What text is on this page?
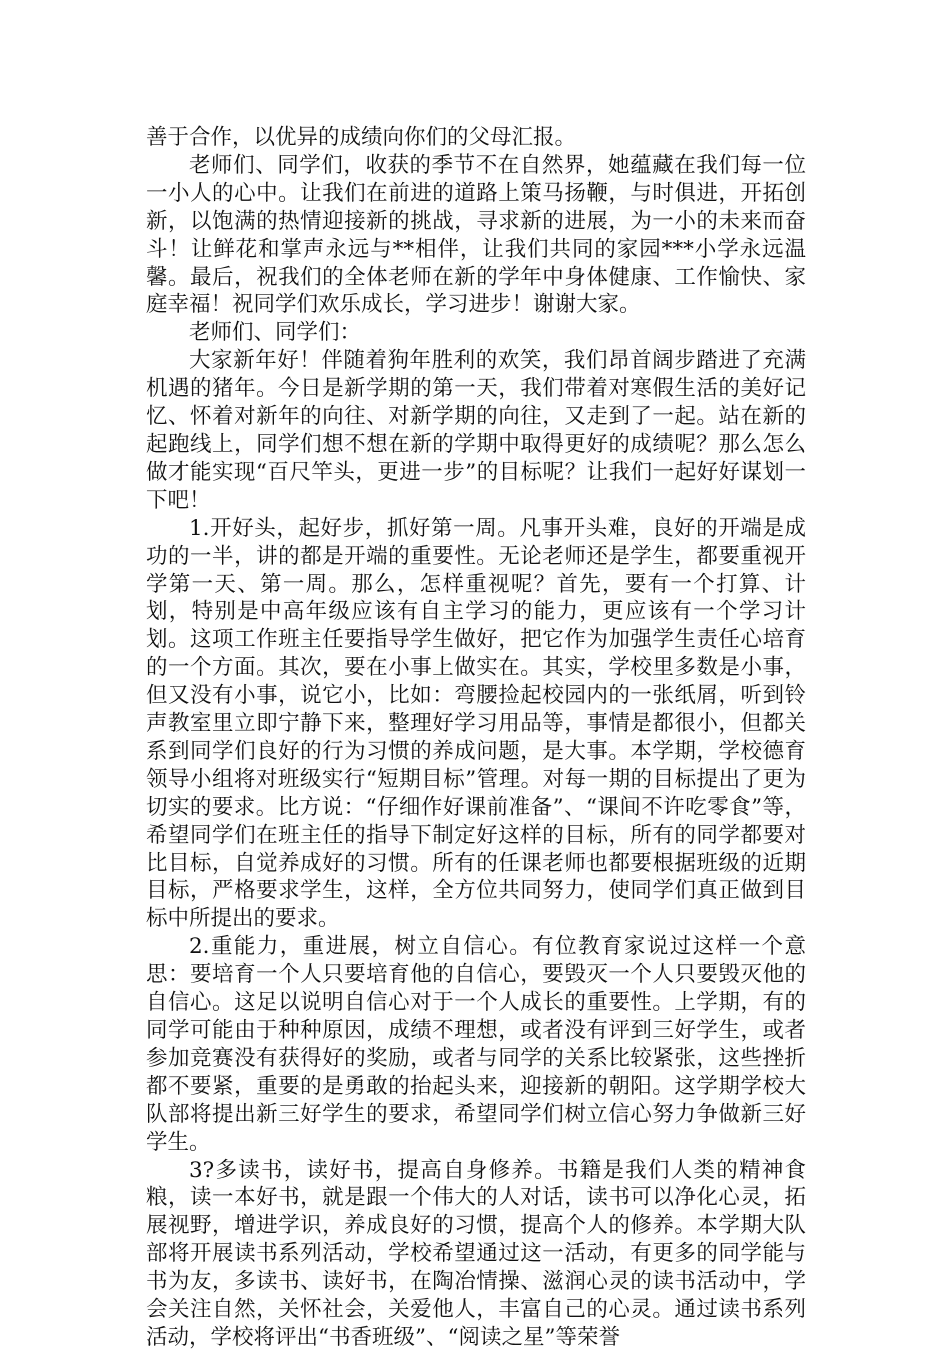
善于合作，以优异的成绩向你们的父母汇报。

老师们、同学们，收获的季节不在自然界，她蕴藏在我们每一位一小人的心中。让我们在前进的道路上策马扬鞭，与时俱进，开拓创新，以饱满的热情迎接新的挑战，寻求新的进展，为一小的未来而奋斗！让鲜花和掌声永远与**相伴，让我们共同的家园***小学永远温馨。最后，祝我们的全体老师在新的学年中身体健康、工作愉快、家庭幸福！祝同学们欢乐成长，学习进步！谢谢大家。

老师们、同学们：

大家新年好！伴随着狗年胜利的欢笑，我们昂首阔步踏进了充满机遇的猪年。今日是新学期的第一天，我们带着对寒假生活的美好记忆、怀着对新年的向往、对新学期的向往，又走到了一起。站在新的起跑线上，同学们想不想在新的学期中取得更好的成绩呢？那么怎么做才能实现“百尺竿头，更进一步”的目标呢？让我们一起好好谋划一下吧！

1.开好头，起好步，抓好第一周。凡事开头难，良好的开端是成功的一半，讲的都是开端的重要性。无论老师还是学生，都要重视开学第一天、第一周。那么，怎样重视呢？首先，要有一个打算、计划，特别是中高年级应该有自主学习的能力，更应该有一个学习计划。这项工作班主任要指导学生做好，把它作为加强学生责任心培育的一个方面。其次，要在小事上做实在。其实，学校里多数是小事，但又没有小事，说它小，比如：弯腰捡起校园内的一张纸屑，听到铃声教室里立即宁静下来，整理好学习用品等，事情是都很小，但都关系到同学们良好的行为习惯的养成问题，是大事。本学期，学校德育领导小组将对班级实行“短期目标”管理。对每一期的目标提出了更为切实的要求。比方说：“仔细作好课前准备”、“课间不许吃零食”等，希望同学们在班主任的指导下制定好这样的目标，所有的同学都要对比目标，自觉养成好的习惯。所有的任课老师也都要根据班级的近期目标，严格要求学生，这样，全方位共同努力，使同学们真正做到目标中所提出的要求。

2.重能力，重进展，树立自信心。有位教育家说过这样一个意思：要培育一个人只要培育他的自信心，要毁灭一个人只要毁灭他的自信心。这足以说明自信心对于一个人成长的重要性。上学期，有的同学可能由于种种原因，成绩不理想，或者没有评到三好学生，或者参加竞赛没有获得好的奖励，或者与同学的关系比较紧张，这些挫折都不要紧，重要的是勇敢的抬起头来，迎接新的朝阳。这学期学校大队部将提出新三好学生的要求，希望同学们树立信心努力争做新三好学生。

3?多读书，读好书，提高自身修养。书籍是我们人类的精神食粮，读一本好书，就是跟一个伟大的人对话，读书可以净化心灵，拓展视野，增进学识，养成良好的习惯，提高个人的修养。本学期大队部将开展读书系列活动，学校希望通过这一活动，有更多的同学能与书为友，多读书、读好书，在陶冶情操、滋润心灵的读书活动中，学会关注自然，关怀社会，关爱他人，丰富自己的心灵。通过读书系列活动，学校将评出“书香班级”、“阅读之星”等荣誉
